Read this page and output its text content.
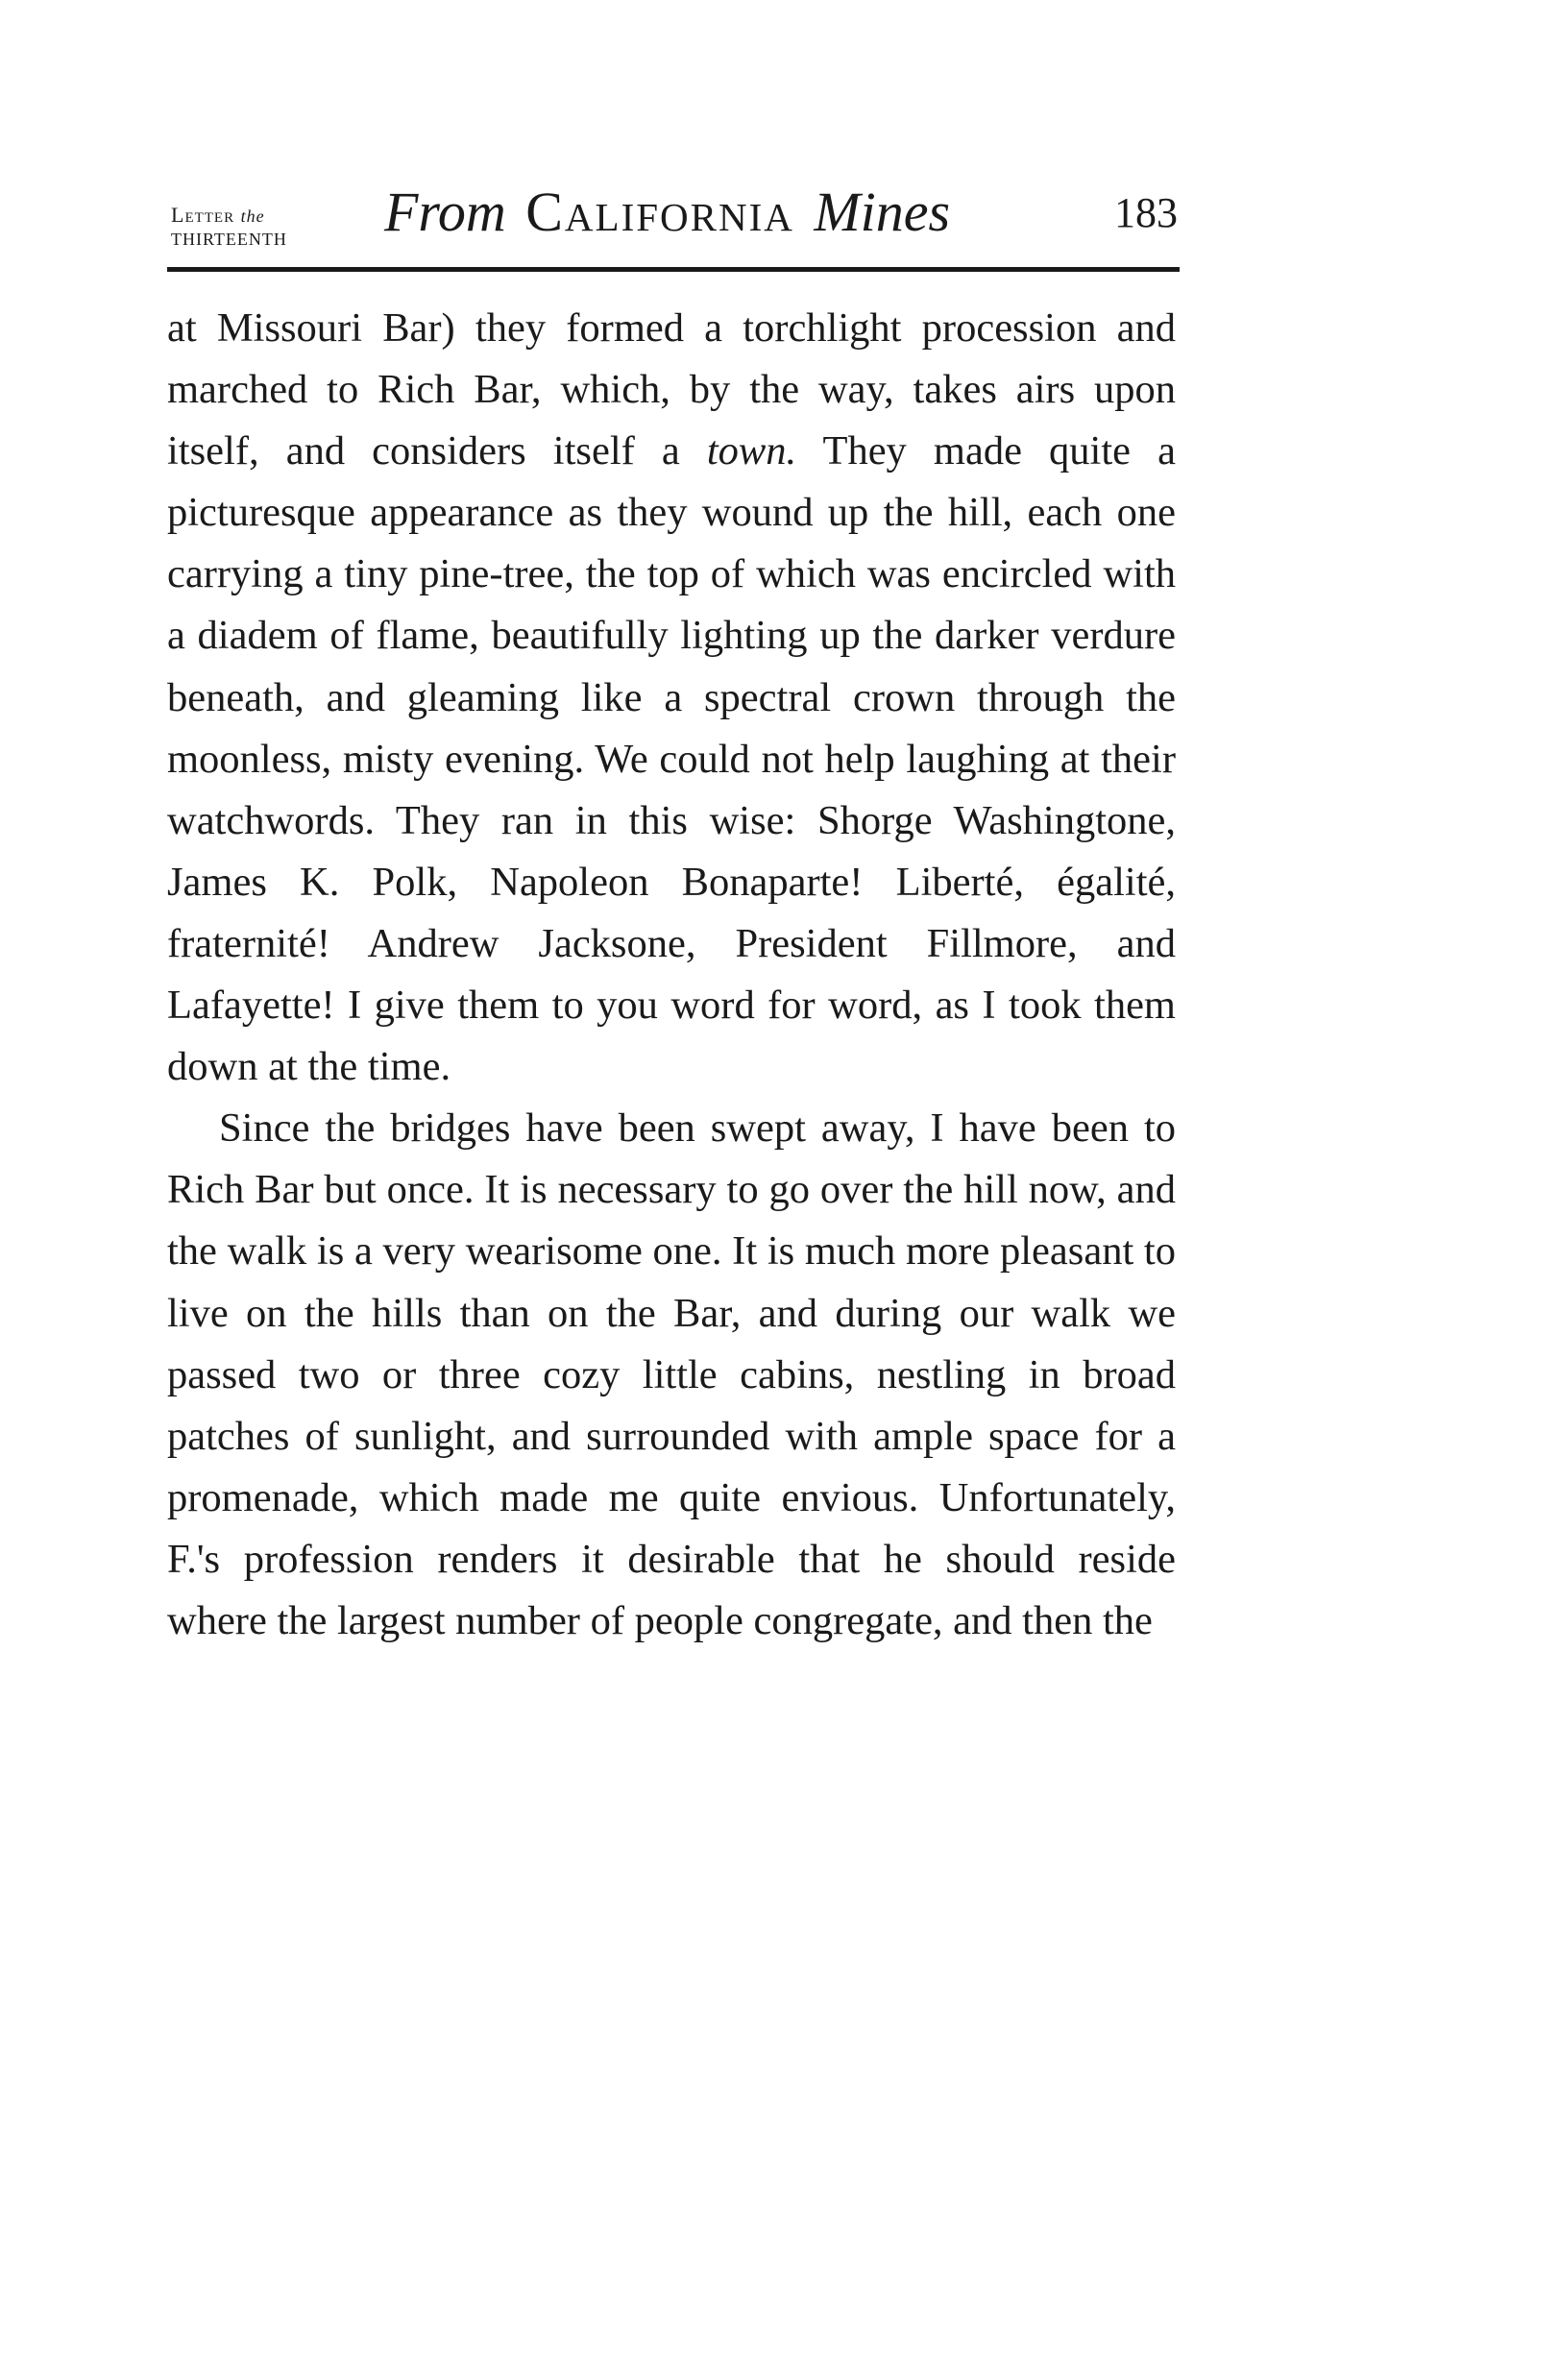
Letter the
THIRTEENTH	From California Mines	183

at Missouri Bar) they formed a torchlight procession and marched to Rich Bar, which, by the way, takes airs upon itself, and considers itself a town. They made quite a picturesque appearance as they wound up the hill, each one carrying a tiny pine-tree, the top of which was encircled with a diadem of flame, beautifully lighting up the darker verdure beneath, and gleaming like a spectral crown through the moonless, misty evening. We could not help laughing at their watchwords. They ran in this wise: Shorge Washingtone, James K. Polk, Napoleon Bonaparte! Liberté, égalité, fraternité! Andrew Jacksone, President Fillmore, and Lafayette! I give them to you word for word, as I took them down at the time.

Since the bridges have been swept away, I have been to Rich Bar but once. It is necessary to go over the hill now, and the walk is a very wearisome one. It is much more pleasant to live on the hills than on the Bar, and during our walk we passed two or three cozy little cabins, nestling in broad patches of sunlight, and surrounded with ample space for a promenade, which made me quite envious. Unfortunately, F.'s profession renders it desirable that he should reside where the largest number of people congregate, and then the
